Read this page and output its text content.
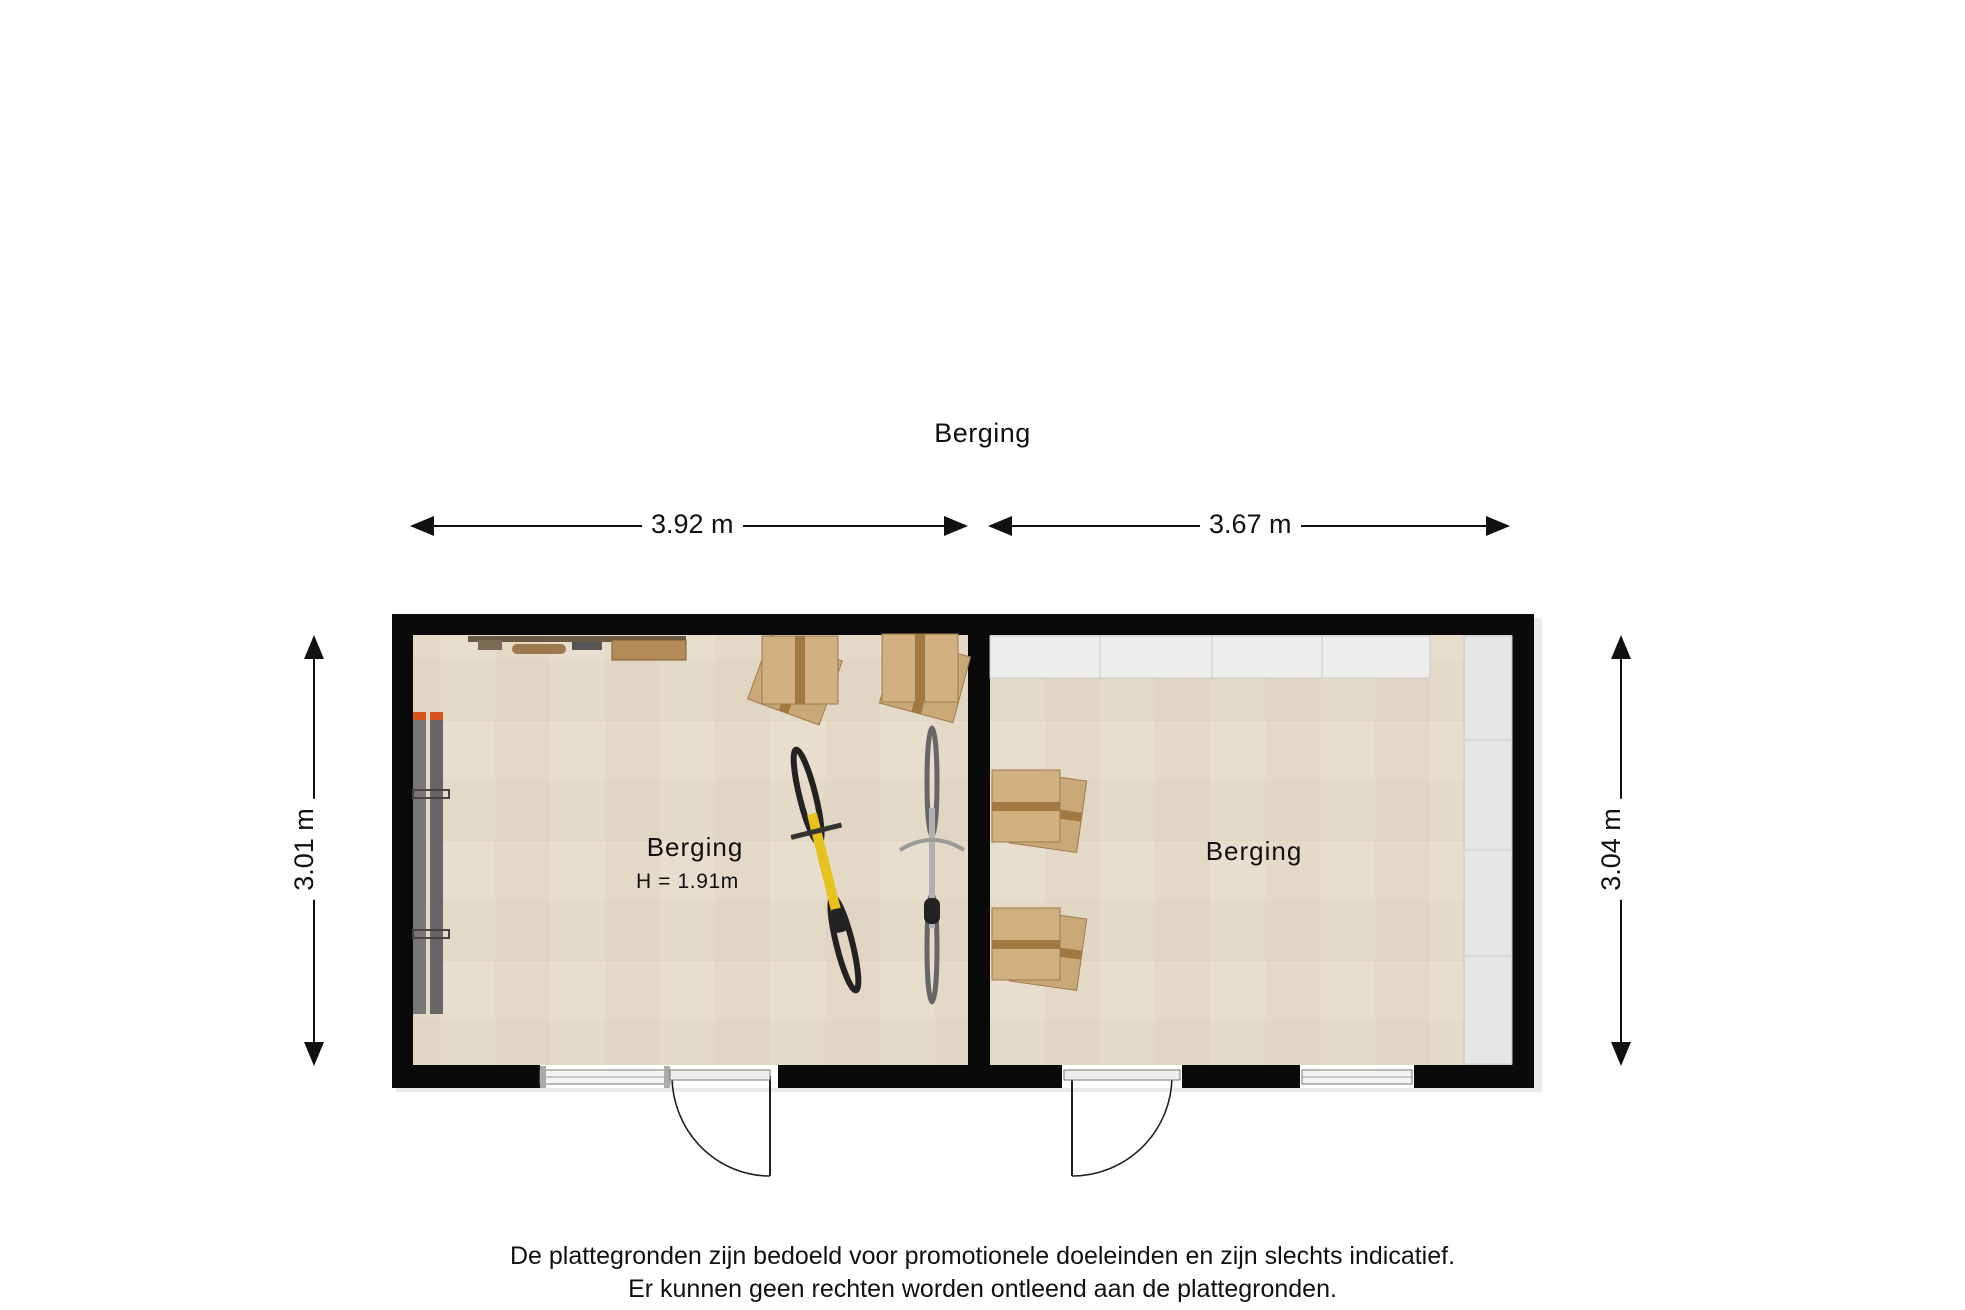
Berging
3.92 m	3.67 m
3.01 m	3.04 m
Berging
H = 1.91m
Berging
De plattegronden zijn bedoeld voor promotionele doeleinden en zijn slechts indicatief.
Er kunnen geen rechten worden ontleend aan de plattegronden.
